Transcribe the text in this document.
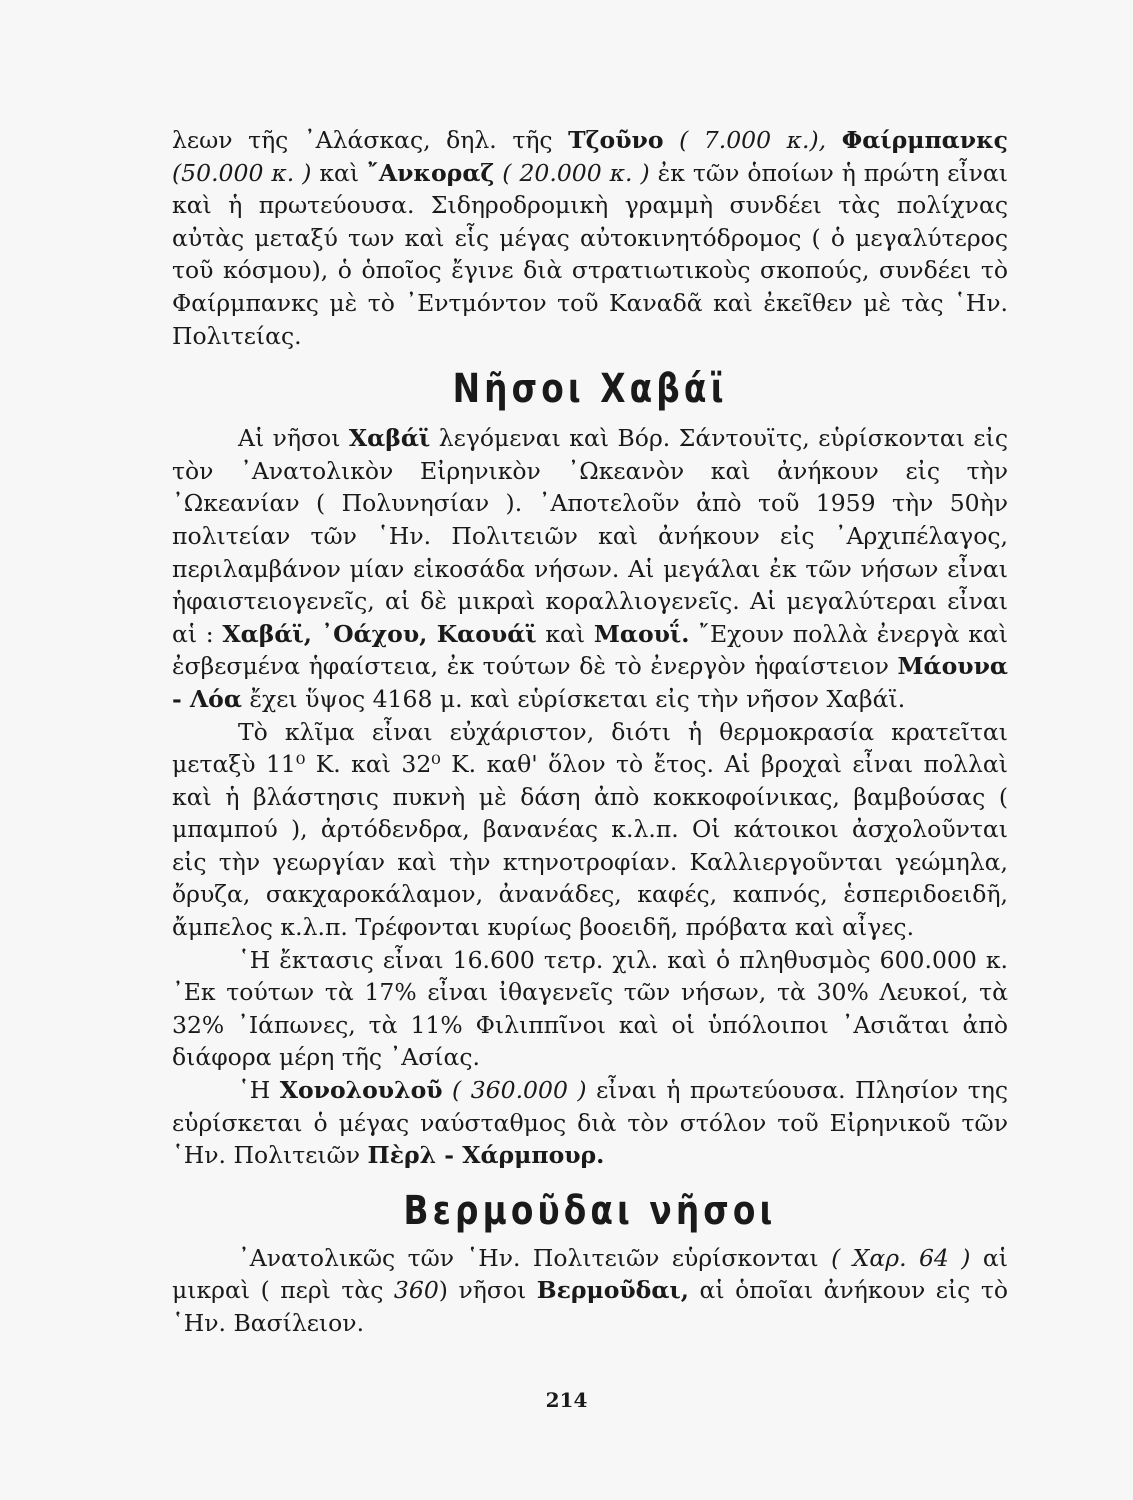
λεων τῆς ᾿Αλάσκας, δηλ. τῆς Τζοῦνο ( 7.000 κ.), Φαίρμπανκς (50.000 κ. ) καὶ ῎Ανκοραζ ( 20.000 κ. ) ἐκ τῶν ὁποίων ἡ πρώτη εἶναι καὶ ἡ πρωτεύουσα. Σιδηροδρομικὴ γραμμὴ συνδέει τὰς πολίχνας αὐτὰς μεταξύ των καὶ εἷς μέγας αὐτοκινητόδρομος ( ὁ μεγαλύτερος τοῦ κόσμου), ὁ ὁποῖος ἔγινε διὰ στρατιωτικοὺς σκοπούς, συνδέει τὸ Φαίρμπανκς μὲ τὸ ᾿Εντμόντον τοῦ Καναδᾶ καὶ ἐκεῖθεν μὲ τὰς ῾Ην. Πολιτείας.

Νῆσοι Χαβάϊ

Αἱ νῆσοι Χαβάϊ λεγόμεναι καὶ Βόρ. Σάντουϊτς, εὑρίσκονται εἰς τὸν ᾿Ανατολικὸν Εἰρηνικὸν ᾿Ωκεανὸν καὶ ἀνήκουν εἰς τὴν ᾿Ωκεανίαν ( Πολυνησίαν ). ᾿Αποτελοῦν ἀπὸ τοῦ 1959 τὴν 50ὴν πολιτείαν τῶν ῾Ην. Πολιτειῶν καὶ ἀνήκουν εἰς ᾿Αρχιπέλαγος, περιλαμβάνον μίαν εἰκοσάδα νήσων. Αἱ μεγάλαι ἐκ τῶν νήσων εἶναι ἡφαιστειογενεῖς, αἱ δὲ μικραὶ κοραλλιογενεῖς. Αἱ μεγαλύτεραι εἶναι αἱ : Χαβάϊ, ᾿Οάχου, Καουάϊ καὶ Μαουΐ. ῎Εχουν πολλὰ ἐνεργὰ καὶ ἐσβεσμένα ἡφαίστεια, ἐκ τούτων δὲ τὸ ἐνεργὸν ἡφαίστειον Μάουνα - Λόα ἔχει ὕψος 4168 μ. καὶ εὑρίσκεται εἰς τὴν νῆσον Χαβάϊ.

Τὸ κλῖμα εἶναι εὐχάριστον, διότι ἡ θερμοκρασία κρατεῖται μεταξὺ 11⁰ Κ. καὶ 32⁰ Κ. καθ' ὅλον τὸ ἔτος. Αἱ βροχαὶ εἶναι πολλαὶ καὶ ἡ βλάστησις πυκνὴ μὲ δάση ἀπὸ κοκκοφοίνικας, βαμβούσας ( μπαμπού ), ἀρτόδενδρα, βανανέας κ.λ.π. Οἱ κάτοικοι ἀσχολοῦνται εἰς τὴν γεωργίαν καὶ τὴν κτηνοτροφίαν. Καλλιεργοῦνται γεώμηλα, ὄρυζα, σακχαροκάλαμον, ἀνανάδες, καφές, καπνός, ἑσπεριδοειδῆ, ἄμπελος κ.λ.π. Τρέφονται κυρίως βοοειδῆ, πρόβατα καὶ αἶγες.

῾Η ἔκτασις εἶναι 16.600 τετρ. χιλ. καὶ ὁ πληθυσμὸς 600.000 κ. ᾿Εκ τούτων τὰ 17% εἶναι ἰθαγενεῖς τῶν νήσων, τὰ 30% Λευκοί, τὰ 32% ᾿Ιάπωνες, τὰ 11% Φιλιππῖνοι καὶ οἱ ὑπόλοιποι ᾿Ασιᾶται ἀπὸ διάφορα μέρη τῆς ᾿Ασίας.

῾Η Χονολουλοῦ ( 360.000 ) εἶναι ἡ πρωτεύουσα. Πλησίον της εὑρίσκεται ὁ μέγας ναύσταθμος διὰ τὸν στόλον τοῦ Εἰρηνικοῦ τῶν ῾Ην. Πολιτειῶν Πὲρλ - Χάρμπουρ.

Βερμοῦδαι νῆσοι

᾿Ανατολικῶς τῶν ῾Ην. Πολιτειῶν εὑρίσκονται ( Χαρ. 64 ) αἱ μικραὶ ( περὶ τὰς 360) νῆσοι Βερμοῦδαι, αἱ ὁποῖαι ἀνήκουν εἰς τὸ ῾Ην. Βασίλειον.

214
